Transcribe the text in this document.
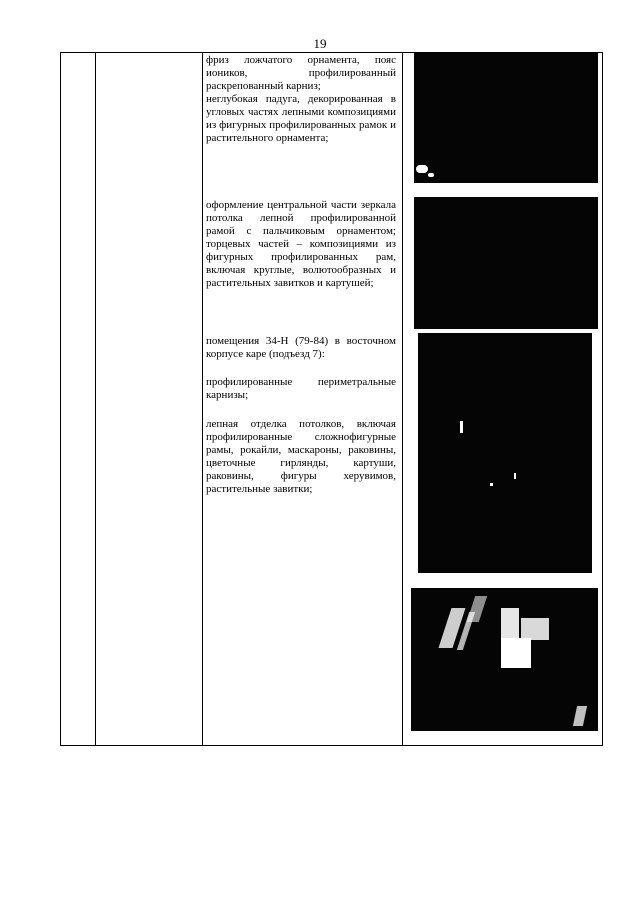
19

фриз ложчатого орнамента, пояс иоников, профилированный раскрепованный карниз;

неглубокая падуга, декорированная в угловых частях лепными композициями из фигурных профилированных рамок и растительного орнамента;

оформление центральной части зеркала потолка лепной профилированной рамой с пальчиковым орнаментом; торцевых частей – композициями из фигурных профилированных рам, включая круглые, волютообразных и растительных завитков и картушей;

помещения 34-Н (79-84) в восточном корпусе каре (подъезд 7):

профилированные периметральные карнизы;

лепная отделка потолков, включая профилированные сложнофигурные рамы, рокайли, маскароны, раковины, цветочные гирлянды, картуши, раковины, фигуры херувимов, растительные завитки;
